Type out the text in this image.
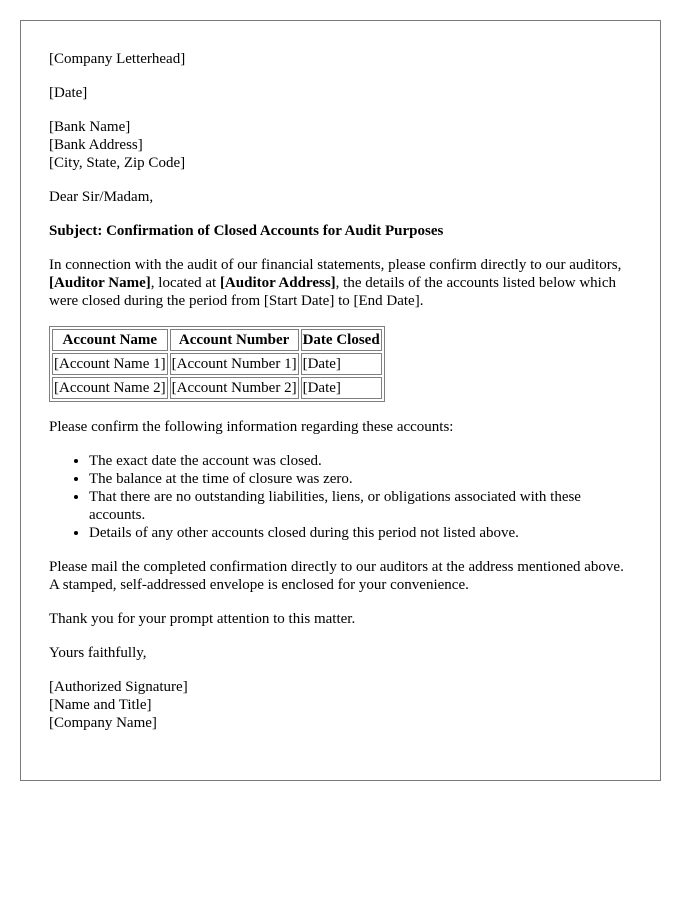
[Company Letterhead]

[Date]

[Bank Name]
[Bank Address]
[City, State, Zip Code]

Dear Sir/Madam,

Subject: Confirmation of Closed Accounts for Audit Purposes

In connection with the audit of our financial statements, please confirm directly to our auditors, [Auditor Name], located at [Auditor Address], the details of the accounts listed below which were closed during the period from [Start Date] to [End Date].

Account Name	Account Number	Date Closed
[Account Name 1]	[Account Number 1]	[Date]
[Account Name 2]	[Account Number 2]	[Date]

Please confirm the following information regarding these accounts:

• The exact date the account was closed.
• The balance at the time of closure was zero.
• That there are no outstanding liabilities, liens, or obligations associated with these accounts.
• Details of any other accounts closed during this period not listed above.

Please mail the completed confirmation directly to our auditors at the address mentioned above. A stamped, self-addressed envelope is enclosed for your convenience.

Thank you for your prompt attention to this matter.

Yours faithfully,

[Authorized Signature]
[Name and Title]
[Company Name]
